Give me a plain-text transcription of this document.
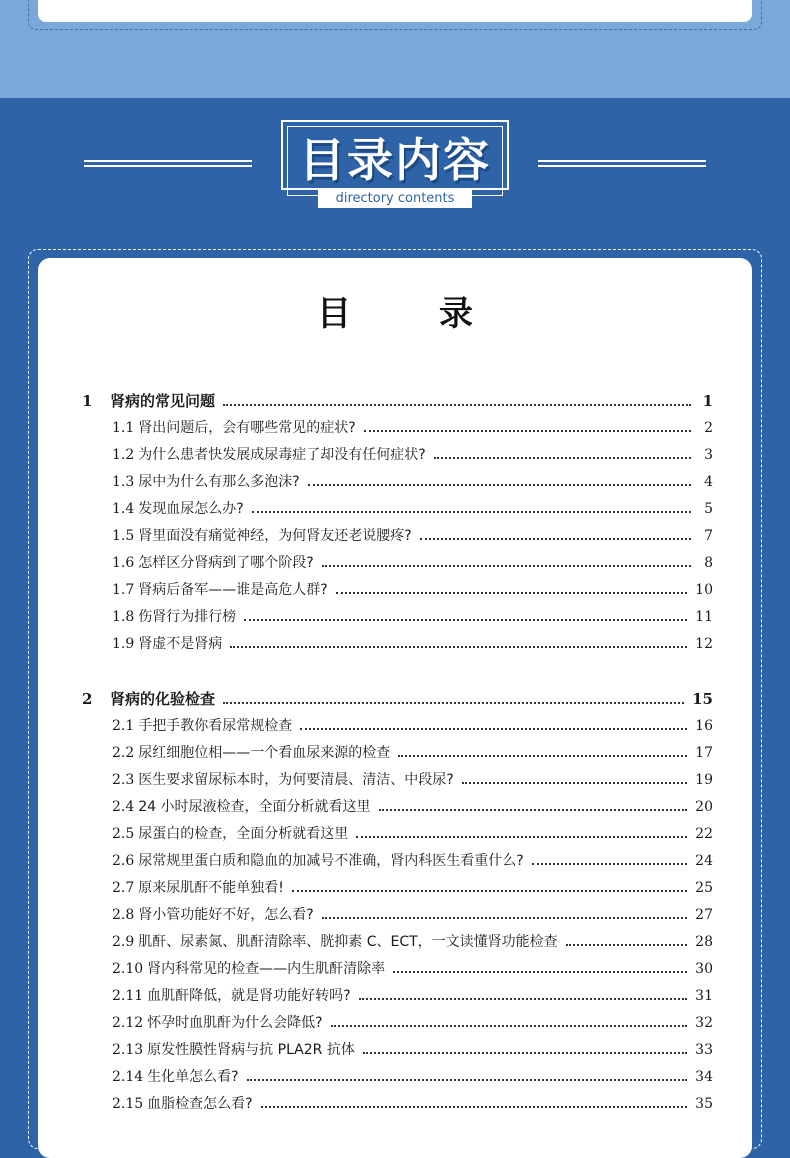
目录内容
directory contents
目	录
1	肾病的常见问题	1
1.1 肾出问题后，会有哪些常见的症状?	2
1.2 为什么患者快发展成尿毒症了却没有任何症状?	3
1.3 尿中为什么有那么多泡沫?	4
1.4 发现血尿怎么办?	5
1.5 肾里面没有痛觉神经，为何肾友还老说腰疼?	7
1.6 怎样区分肾病到了哪个阶段?	8
1.7 肾病后备军——谁是高危人群?	10
1.8 伤肾行为排行榜	11
1.9 肾虚不是肾病	12
2	肾病的化验检查	15
2.1 手把手教你看尿常规检查	16
2.2 尿红细胞位相——一个看血尿来源的检查	17
2.3 医生要求留尿标本时，为何要清晨、清洁、中段尿?	19
2.4 24 小时尿液检查，全面分析就看这里	20
2.5 尿蛋白的检查，全面分析就看这里	22
2.6 尿常规里蛋白质和隐血的加减号不准确，肾内科医生看重什么?	24
2.7 原来尿肌酐不能单独看!	25
2.8 肾小管功能好不好，怎么看?	27
2.9 肌酐、尿素氮、肌酐清除率、胱抑素 C、ECT，一文读懂肾功能检查	28
2.10 肾内科常见的检查——内生肌酐清除率	30
2.11 血肌酐降低，就是肾功能好转吗?	31
2.12 怀孕时血肌酐为什么会降低?	32
2.13 原发性膜性肾病与抗 PLA2R 抗体	33
2.14 生化单怎么看?	34
2.15 血脂检查怎么看?	35
